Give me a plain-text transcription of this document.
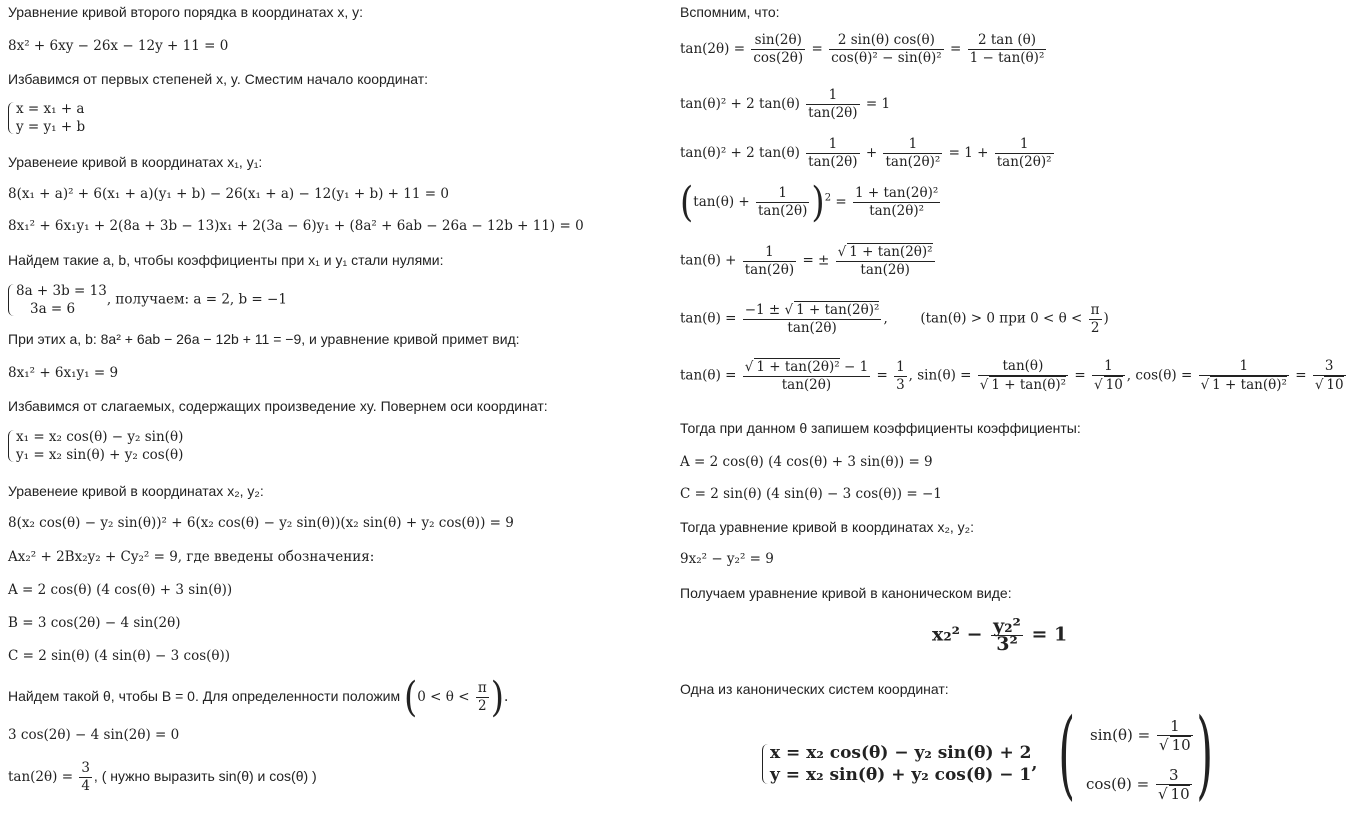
Уравнение кривой второго порядка в координатах x, y:
8x² + 6xy − 26x − 12y + 11 = 0
Избавимся от первых степеней x, y. Сместим начало координат:
x = x₁ + a
y = y₁ + b
Уравенеие кривой в координатах x₁, y₁:
8(x₁ + a)² + 6(x₁ + a)(y₁ + b) − 26(x₁ + a) − 12(y₁ + b) + 11 = 0
8x₁² + 6x₁y₁ + 2(8a + 3b − 13)x₁ + 2(3a − 6)y₁ + (8a² + 6ab − 26a − 12b + 11) = 0
Найдем такие a, b, чтобы коэффициенты при x₁ и y₁ стали нулями:
8a + 3b = 13
3a = 6
, получаем: a = 2, b = −1
При этих a, b: 8a² + 6ab − 26a − 12b + 11 = −9, и уравнение кривой примет вид:
8x₁² + 6x₁y₁ = 9
Избавимся от слагаемых, содержащих произведение xy. Повернем оси координат:
x₁ = x₂ cos(θ) − y₂ sin(θ)
y₁ = x₂ sin(θ) + y₂ cos(θ)
Уравенеие кривой в координатах x₂, y₂:
8(x₂ cos(θ) − y₂ sin(θ))² + 6(x₂ cos(θ) − y₂ sin(θ))(x₂ sin(θ) + y₂ cos(θ)) = 9
Ax₂² + 2Bx₂y₂ + Cy₂² = 9, где введены обозначения:
A = 2 cos(θ) (4 cos(θ) + 3 sin(θ))
B = 3 cos(2θ) − 4 sin(2θ)
C = 2 sin(θ) (4 sin(θ) − 3 cos(θ))
Найдем такой θ, чтобы B = 0. Для определенности положим ($0 < \theta < \frac{\pi}{2}$ ).
3 cos(2θ) − 4 sin(2θ) = 0
$\tan(2\theta) = \frac{3}{4}$ , ( нужно выразить sin(θ) и cos(θ) )
Вспомним, что:
$\tan(2\theta) = \frac{\sin(2\theta)}{\cos(2\theta)} = \frac{2 \sin(\theta) \cos(\theta)}{\text{cos(θ)² − sin(θ)²}} = \frac{2 \tan (\theta)}{\text{1 − tan(θ)²}}$
tan(θ)² + 2 $\tan(\theta) \frac{1}{\tan(2\theta)} = 1$
tan(θ)² + 2 $\tan(\theta) \frac{1}{\tan(2\theta)} + \frac{1}{\text{tan(2θ)²}} = 1 + \frac{1}{\text{tan(2θ)²}}$
$(\tan(\theta) + \frac{1}{\tan(2\theta)} )^2 = \frac{\text{1 + tan(2θ)²}}{\text{tan(2θ)²}}$
$\tan(\theta) + \frac{1}{\tan(2\theta)}$ = ± $\frac{\text{√ 1 + tan(2θ)²}}{\tan(2\theta)}$
$\tan(\theta) = \frac{\text{−1 ± √ 1 + tan(2θ)²}}{\tan(2\theta)}$ ,  (tan(θ) > 0 при $0 < \theta < \frac{\pi}{2}$ )
$\tan(\theta) = \frac{\text{√ 1 + tan(2θ)² − 1}}{\tan(2\theta)} = \frac{1}{3}$ , $\sin(\theta) = \frac{\tan(\theta)}{\text{√ 1 + tan(θ)²}} = \frac{1}{√ 10}$ , $\cos(\theta) = \frac{1}{\text{√ 1 + tan(θ)²}} = \frac{3}{√ 10}$
Тогда при данном θ запишем коэффициенты коэффициенты:
A = 2 cos(θ) (4 cos(θ) + 3 sin(θ)) = 9
C = 2 sin(θ) (4 sin(θ) − 3 cos(θ)) = −1
Тогда уравнение кривой в координатах x₂, y₂:
9x₂² − y₂² = 9
Получаем уравнение кривой в каноническом виде:
$x_2^2 - \frac{\text{y₂²}}{\text{3²}} = 1$
Одна из канонических систем координат:
x = x₂ cos(θ) − y₂ sin(θ) + 2
y = x₂ sin(θ) + y₂ cos(θ) − 1
, ( $\sin(\theta) = \frac{1}{√ 10}$
$\cos(\theta) = \frac{3}{√ 10}$ )
